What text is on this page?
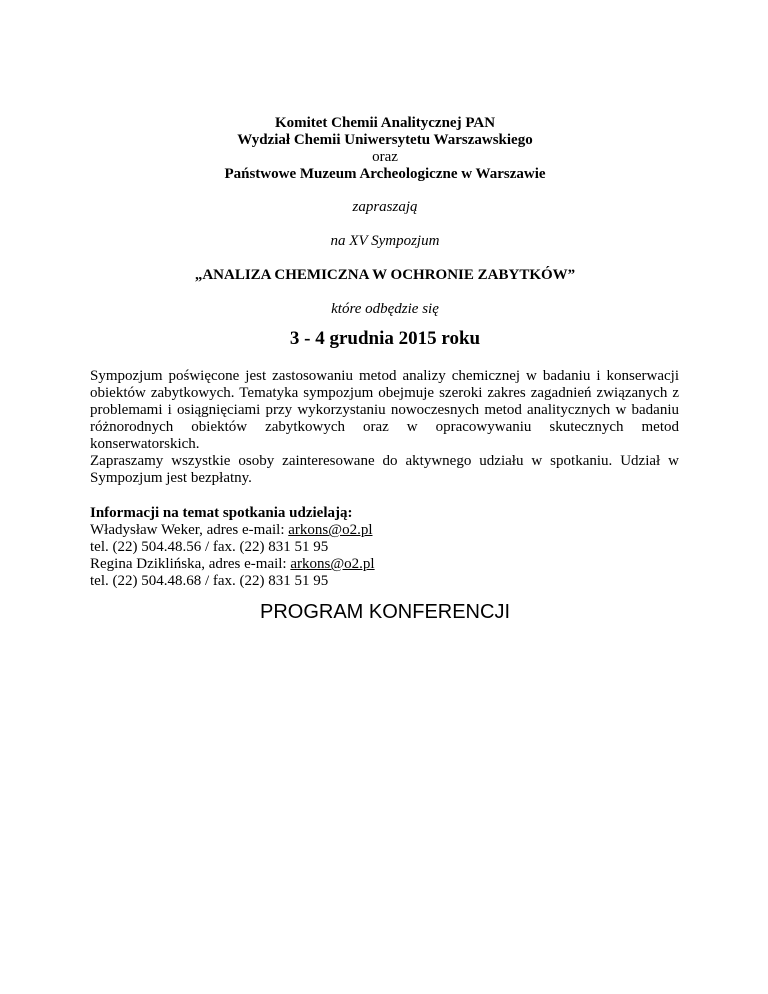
Komitet Chemii Analitycznej PAN
Wydział Chemii Uniwersytetu Warszawskiego
oraz
Państwowe Muzeum Archeologiczne w Warszawie
zapraszają
na XV Sympozjum
„ANALIZA CHEMICZNA W OCHRONIE ZABYTKÓW”
które odbędzie się
3 - 4 grudnia 2015 roku
Sympozjum poświęcone jest zastosowaniu metod analizy chemicznej w badaniu i konserwacji obiektów zabytkowych. Tematyka sympozjum obejmuje szeroki zakres zagadnień związanych z problemami i osiągnięciami przy wykorzystaniu nowoczesnych metod analitycznych w badaniu różnorodnych obiektów zabytkowych oraz w opracowywaniu skutecznych metod konserwatorskich.
Zapraszamy wszystkie osoby zainteresowane do aktywnego udziału w spotkaniu. Udział w Sympozjum jest bezpłatny.
Informacji na temat spotkania udzielają:
Władysław Weker, adres e-mail: arkons@o2.pl
tel. (22) 504.48.56 / fax. (22) 831 51 95
Regina Dziklińska, adres e-mail: arkons@o2.pl
tel. (22) 504.48.68 / fax. (22) 831 51 95
PROGRAM KONFERENCJI
